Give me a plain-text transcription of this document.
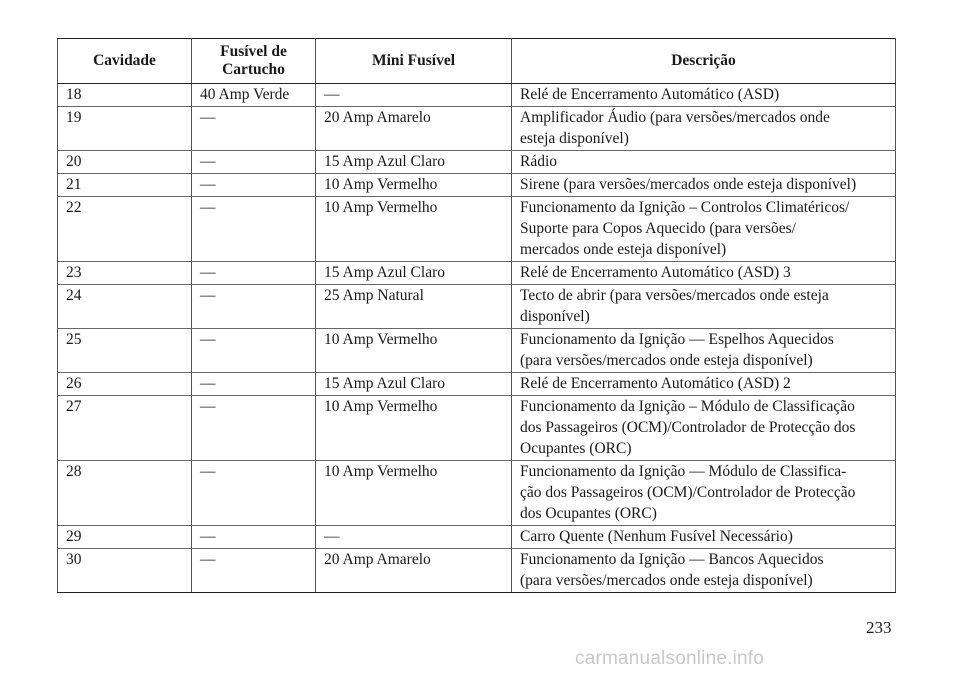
Cavidade	Fusível de Cartucho	Mini Fusível	Descrição
18	40 Amp Verde	—	Relé de Encerramento Automático (ASD)

19	—	20 Amp Amarelo	Amplificador Áudio (para versões/mercados onde
esteja disponível)

20	—	15 Amp Azul Claro	Rádio

21	—	10 Amp Vermelho	Sirene (para versões/mercados onde esteja disponível)

22	—	10 Amp Vermelho	Funcionamento da Ignição – Controlos Climatéricos/
Suporte para Copos Aquecido (para versões/
mercados onde esteja disponível)

23	—	15 Amp Azul Claro	Relé de Encerramento Automático (ASD) 3

24	—	25 Amp Natural	Tecto de abrir (para versões/mercados onde esteja
disponível)

25	—	10 Amp Vermelho	Funcionamento da Ignição — Espelhos Aquecidos
(para versões/mercados onde esteja disponível)

26	—	15 Amp Azul Claro	Relé de Encerramento Automático (ASD) 2

27	—	10 Amp Vermelho	Funcionamento da Ignição – Módulo de Classificação
dos Passageiros (OCM)/Controlador de Protecção dos
Ocupantes (ORC)

28	—	10 Amp Vermelho	Funcionamento da Ignição — Módulo de Classifica-
ção dos Passageiros (OCM)/Controlador de Protecção
dos Ocupantes (ORC)

29	—	—	Carro Quente (Nenhum Fusível Necessário)

30	—	20 Amp Amarelo	Funcionamento da Ignição — Bancos Aquecidos
(para versões/mercados onde esteja disponível)
233
carmanualsonline.info
